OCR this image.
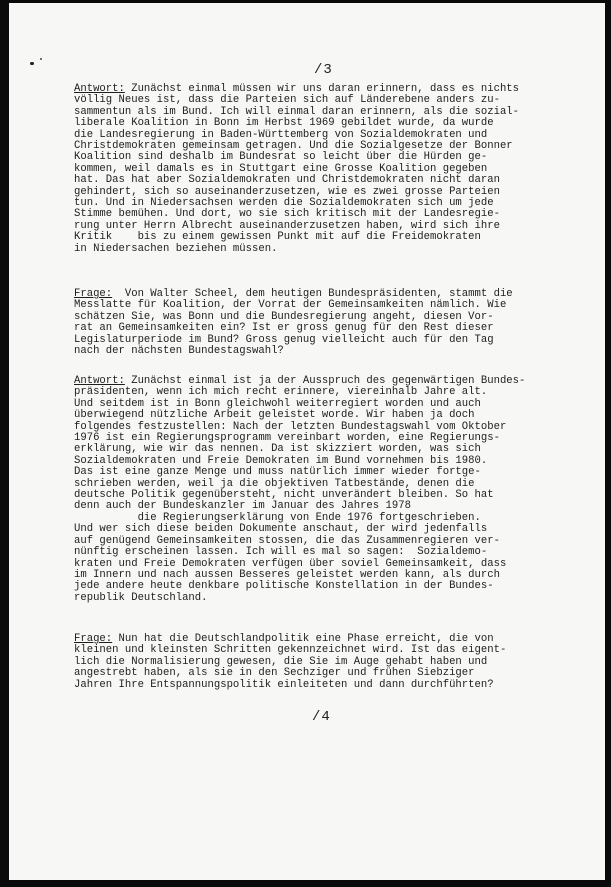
/3

Antwort: Zunächst einmal müssen wir uns daran erinnern, dass es nichts

völlig Neues ist, dass die Parteien sich auf Länderebene anders zu-

sammentun als im Bund. Ich will einmal daran erinnern, als die sozial-

liberale Koalition in Bonn im Herbst 1969 gebildet wurde, da wurde

die Landesregierung in Baden-Württemberg von Sozialdemokraten und

Christdemokraten gemeinsam getragen. Und die Sozialgesetze der Bonner

Koalition sind deshalb im Bundesrat so leicht über die Hürden ge-

kommen, weil damals es in Stuttgart eine Grosse Koalition gegeben

hat. Das hat aber Sozialdemokraten und Christdemokraten nicht daran

gehindert, sich so auseinanderzusetzen, wie es zwei grosse Parteien

tun. Und in Niedersachsen werden die Sozialdemokraten sich um jede

Stimme bemühen. Und dort, wo sie sich kritisch mit der Landesregie-

rung unter Herrn Albrecht auseinanderzusetzen haben, wird sich ihre

Kritik    bis zu einem gewissen Punkt mit auf die Freidemokraten

in Niedersachen beziehen müssen.

Frage:  Von Walter Scheel, dem heutigen Bundespräsidenten, stammt die

Messlatte für Koalition, der Vorrat der Gemeinsamkeiten nämlich. Wie

schätzen Sie, was Bonn und die Bundesregierung angeht, diesen Vor-

rat an Gemeinsamkeiten ein? Ist er gross genug für den Rest dieser

Legislaturperiode im Bund? Gross genug vielleicht auch für den Tag

nach der nächsten Bundestagswahl?

Antwort: Zunächst einmal ist ja der Ausspruch des gegenwärtigen Bundes-

präsidenten, wenn ich mich recht erinnere, viereinhalb Jahre alt.

Und seitdem ist in Bonn gleichwohl weiterregiert worden und auch

überwiegend nützliche Arbeit geleistet worde. Wir haben ja doch

folgendes festzustellen: Nach der letzten Bundestagswahl vom Oktober

1976 ist ein Regierungsprogramm vereinbart worden, eine Regierungs-

erklärung, wie wir das nennen. Da ist skizziert worden, was sich

Sozialdemokraten und Freie Demokraten im Bund vornehmen bis 1980.

Das ist eine ganze Menge und muss natürlich immer wieder fortge-

schrieben werden, weil ja die objektiven Tatbestände, denen die

deutsche Politik gegenübersteht, nicht unverändert bleiben. So hat

denn auch der Bundeskanzler im Januar des Jahres 1978

die Regierungserklärung von Ende 1976 fortgeschrieben.

Und wer sich diese beiden Dokumente anschaut, der wird jedenfalls

auf genügend Gemeinsamkeiten stossen, die das Zusammenregieren ver-

nünftig erscheinen lassen. Ich will es mal so sagen:  Sozialdemo-

kraten und Freie Demokraten verfügen über soviel Gemeinsamkeit, dass

im Innern und nach aussen Besseres geleistet werden kann, als durch

jede andere heute denkbare politische Konstellation in der Bundes-

republik Deutschland.

Frage: Nun hat die Deutschlandpolitik eine Phase erreicht, die von

kleinen und kleinsten Schritten gekennzeichnet wird. Ist das eigent-

lich die Normalisierung gewesen, die Sie im Auge gehabt haben und

angestrebt haben, als sie in den Sechziger und frühen Siebziger

Jahren Ihre Entspannungspolitik einleiteten und dann durchführten?

/4
